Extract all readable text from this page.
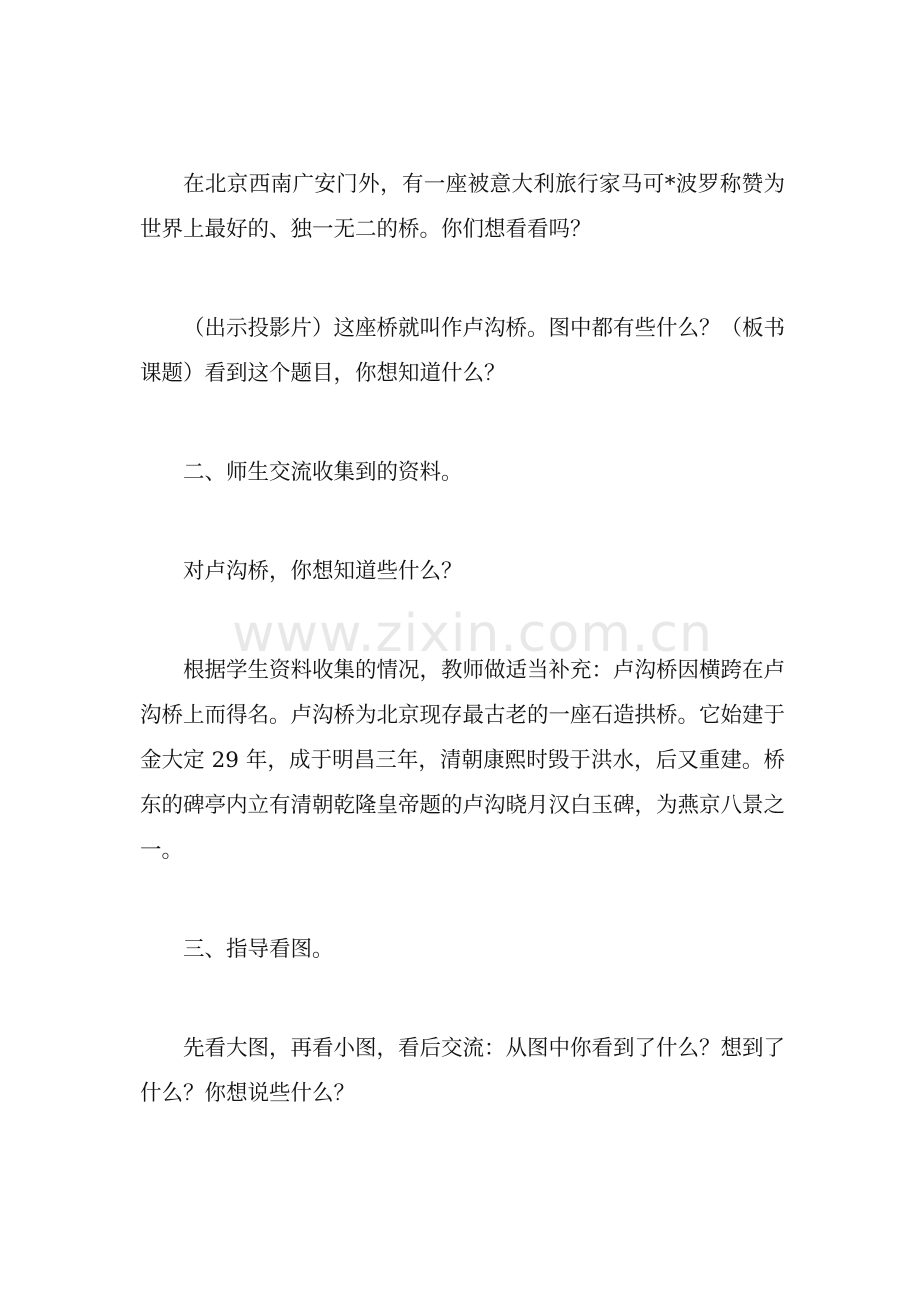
在北京西南广安门外，有一座被意大利旅行家马可*波罗称赞为世界上最好的、独一无二的桥。你们想看看吗？

（出示投影片）这座桥就叫作卢沟桥。图中都有些什么？（板书课题）看到这个题目，你想知道什么？

二、师生交流收集到的资料。

对卢沟桥，你想知道些什么？

根据学生资料收集的情况，教师做适当补充：卢沟桥因横跨在卢沟桥上而得名。卢沟桥为北京现存最古老的一座石造拱桥。它始建于金大定 29 年，成于明昌三年，清朝康熙时毁于洪水，后又重建。桥东的碑亭内立有清朝乾隆皇帝题的卢沟晓月汉白玉碑，为燕京八景之一。

三、指导看图。

先看大图，再看小图，看后交流：从图中你看到了什么？想到了什么？你想说些什么？

www.zixin.com.cn
